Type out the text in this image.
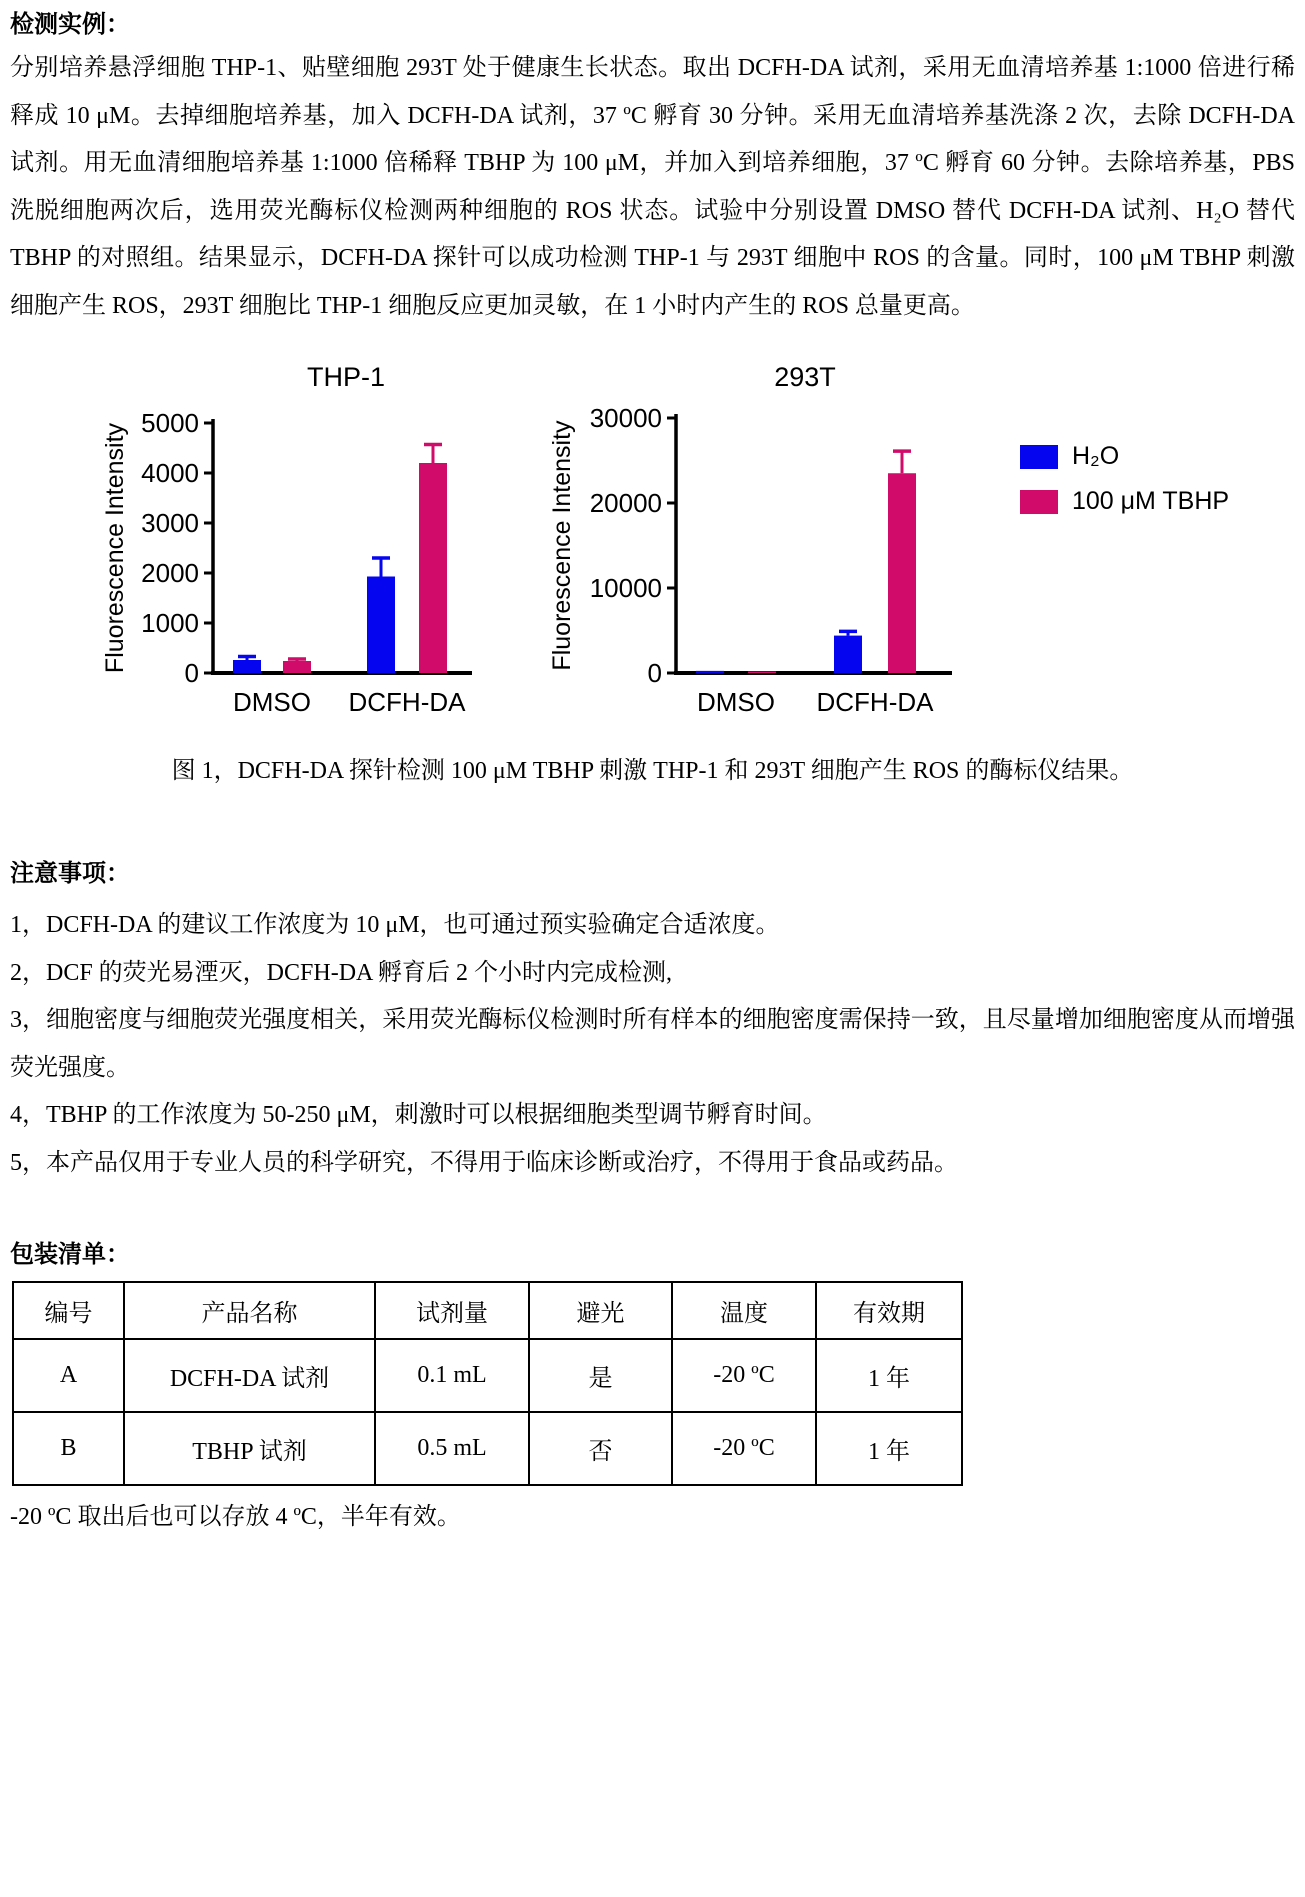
检测实例：

分别培养悬浮细胞 THP-1、贴壁细胞 293T 处于健康生长状态。取出 DCFH-DA 试剂，采用无血清培养基 1:1000 倍进行稀释成 10 μM。去掉细胞培养基，加入 DCFH-DA 试剂，37 ºC 孵育 30 分钟。采用无血清培养基洗涤 2 次，去除 DCFH-DA 试剂。用无血清细胞培养基 1:1000 倍稀释 TBHP 为 100 μM，并加入到培养细胞，37 ºC 孵育 60 分钟。去除培养基，PBS 洗脱细胞两次后，选用荧光酶标仪检测两种细胞的 ROS 状态。试验中分别设置 DMSO 替代 DCFH-DA 试剂、H₂O 替代 TBHP 的对照组。结果显示，DCFH-DA 探针可以成功检测 THP-1 与 293T 细胞中 ROS 的含量。同时，100 μM TBHP 刺激细胞产生 ROS，293T 细胞比 THP-1 细胞反应更加灵敏，在 1 小时内产生的 ROS 总量更高。

THP-1
Fluorescence Intensity 0
1000
2000
3000
4000
5000
DMSO DCFH-DA
293T
Fluorescence Intensity
0
10000
20000
30000
DMSO DCFH-DA
H₂O
100 μM TBHP

图 1，DCFH-DA 探针检测 100 μM TBHP 刺激 THP-1 和 293T 细胞产生 ROS 的酶标仪结果。

注意事项：

1，DCFH-DA 的建议工作浓度为 10 μM，也可通过预实验确定合适浓度。

2，DCF 的荧光易湮灭，DCFH-DA 孵育后 2 个小时内完成检测,

3，细胞密度与细胞荧光强度相关，采用荧光酶标仪检测时所有样本的细胞密度需保持一致，且尽量增加细胞密度从而增强荧光强度。

4，TBHP 的工作浓度为 50-250 μM，刺激时可以根据细胞类型调节孵育时间。

5，本产品仅用于专业人员的科学研究，不得用于临床诊断或治疗，不得用于食品或药品。

包装清单：

编号	产品名称	试剂量	避光	温度	有效期
A	DCFH-DA 试剂	0.1 mL	是	-20 ºC	1 年
B	TBHP 试剂	0.5 mL	否	-20 ºC	1 年

-20 ºC 取出后也可以存放 4 ºC，半年有效。
